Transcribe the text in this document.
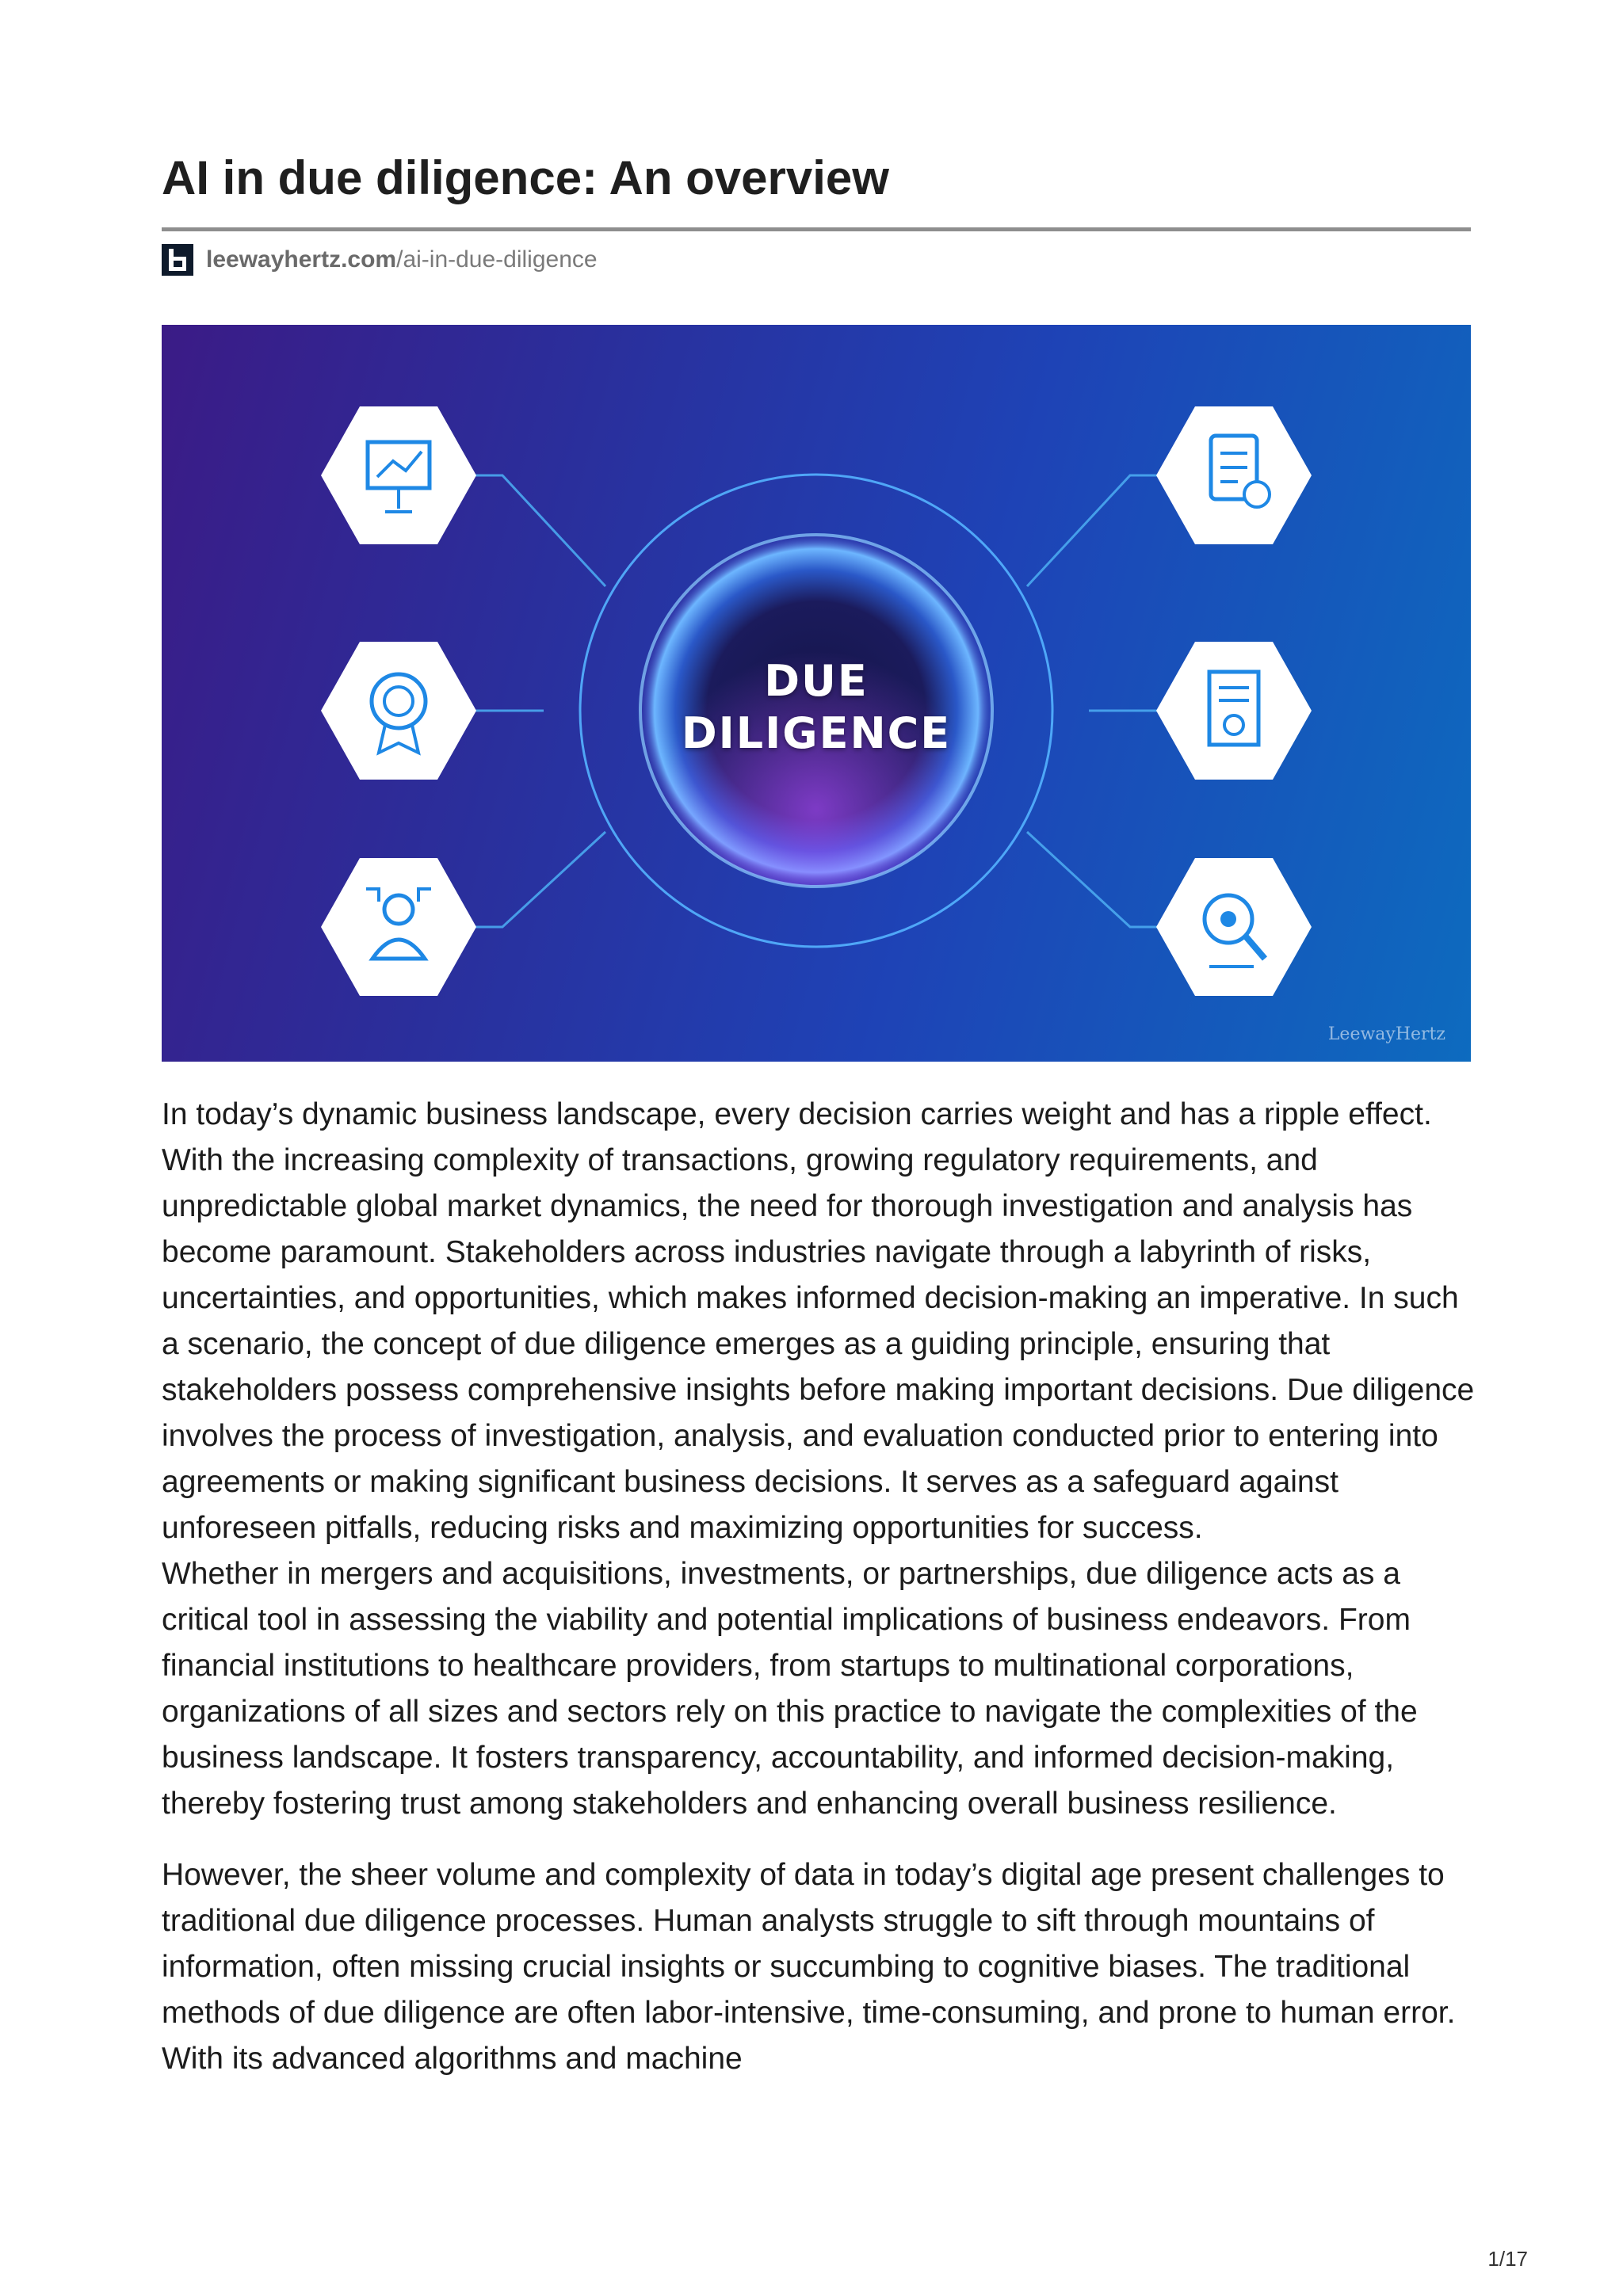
AI in due diligence: An overview
leewayhertz.com/ai-in-due-diligence
DUE
DILIGENCE
LeewayHertz

In today’s dynamic business landscape, every decision carries weight and has a ripple effect. With the increasing complexity of transactions, growing regulatory requirements, and unpredictable global market dynamics, the need for thorough investigation and analysis has become paramount. Stakeholders across industries navigate through a labyrinth of risks, uncertainties, and opportunities, which makes informed decision-making an imperative. In such a scenario, the concept of due diligence emerges as a guiding principle, ensuring that stakeholders possess comprehensive insights before making important decisions. Due diligence involves the process of investigation, analysis, and evaluation conducted prior to entering into agreements or making significant business decisions. It serves as a safeguard against unforeseen pitfalls, reducing risks and maximizing opportunities for success.

Whether in mergers and acquisitions, investments, or partnerships, due diligence acts as a critical tool in assessing the viability and potential implications of business endeavors. From financial institutions to healthcare providers, from startups to multinational corporations, organizations of all sizes and sectors rely on this practice to navigate the complexities of the business landscape. It fosters transparency, accountability, and informed decision-making, thereby fostering trust among stakeholders and enhancing overall business resilience.

However, the sheer volume and complexity of data in today’s digital age present challenges to traditional due diligence processes. Human analysts struggle to sift through mountains of information, often missing crucial insights or succumbing to cognitive biases. The traditional methods of due diligence are often labor-intensive, time-consuming, and prone to human error. With its advanced algorithms and machine

1/17
